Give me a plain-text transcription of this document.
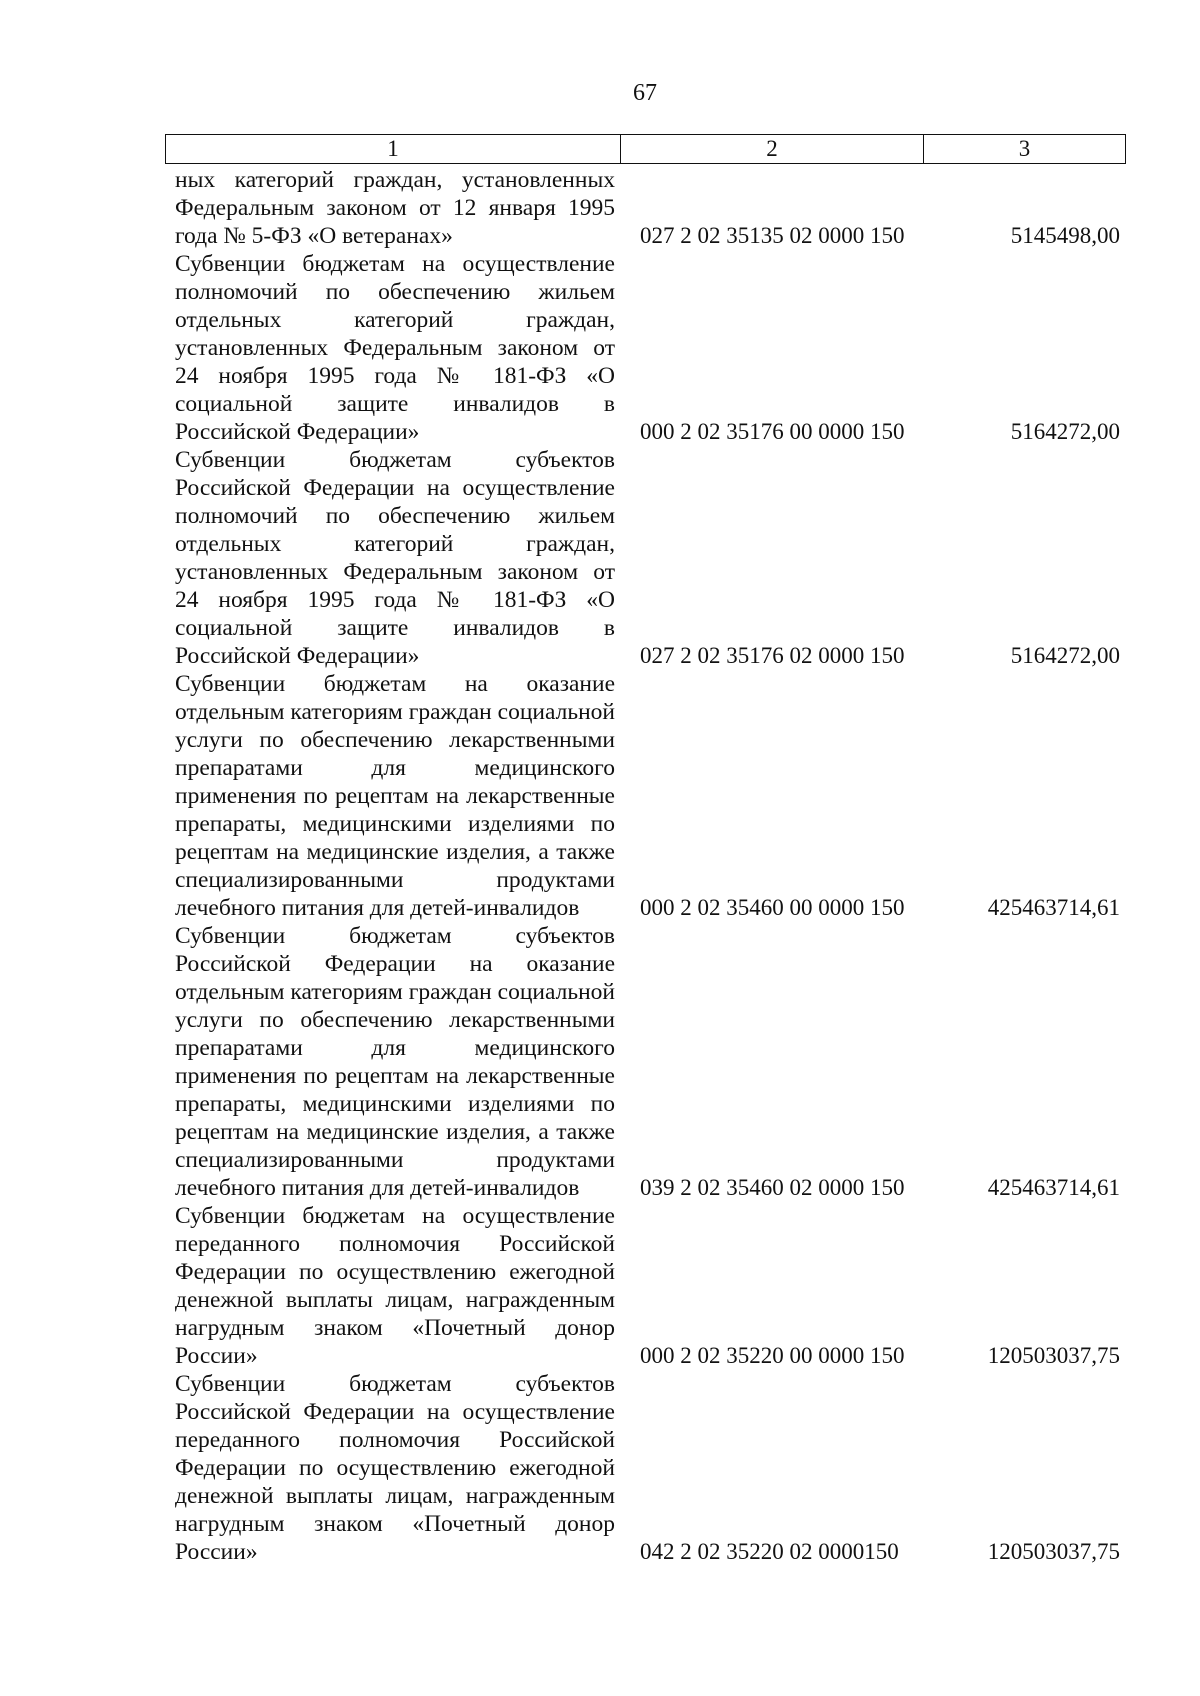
67
1	2	3
ных категорий граждан, установленных Федеральным законом от 12 января 1995 года № 5-ФЗ «О ветеранах»	027 2 02 35135 02 0000 150	5145498,00
Субвенции бюджетам на осуществление полномочий по обеспечению жильем отдельных категорий граждан, установленных Федеральным законом от 24 ноября 1995 года № 181-ФЗ «О социальной защите инвалидов в Российской Федерации»	000 2 02 35176 00 0000 150	5164272,00
Субвенции бюджетам субъектов Российской Федерации на осуществление полномочий по обеспечению жильем отдельных категорий граждан, установленных Федеральным законом от 24 ноября 1995 года № 181-ФЗ «О социальной защите инвалидов в Российской Федерации»	027 2 02 35176 02 0000 150	5164272,00
Субвенции бюджетам на оказание отдельным категориям граждан социальной услуги по обеспечению лекарственными препаратами для медицинского применения по рецептам на лекарственные препараты, медицинскими изделиями по рецептам на медицинские изделия, а также специализированными продуктами лечебного питания для детей-инвалидов	000 2 02 35460 00 0000 150	425463714,61
Субвенции бюджетам субъектов Российской Федерации на оказание отдельным категориям граждан социальной услуги по обеспечению лекарственными препаратами для медицинского применения по рецептам на лекарственные препараты, медицинскими изделиями по рецептам на медицинские изделия, а также специализированными продуктами лечебного питания для детей-инвалидов	039 2 02 35460 02 0000 150	425463714,61
Субвенции бюджетам на осуществление переданного полномочия Российской Федерации по осуществлению ежегодной денежной выплаты лицам, награжденным нагрудным знаком «Почетный донор России»	000 2 02 35220 00 0000 150	120503037,75
Субвенции бюджетам субъектов Российской Федерации на осуществление переданного полномочия Российской Федерации по осуществлению ежегодной денежной выплаты лицам, награжденным нагрудным знаком «Почетный донор России»	042 2 02 35220 02 0000150	120503037,75
